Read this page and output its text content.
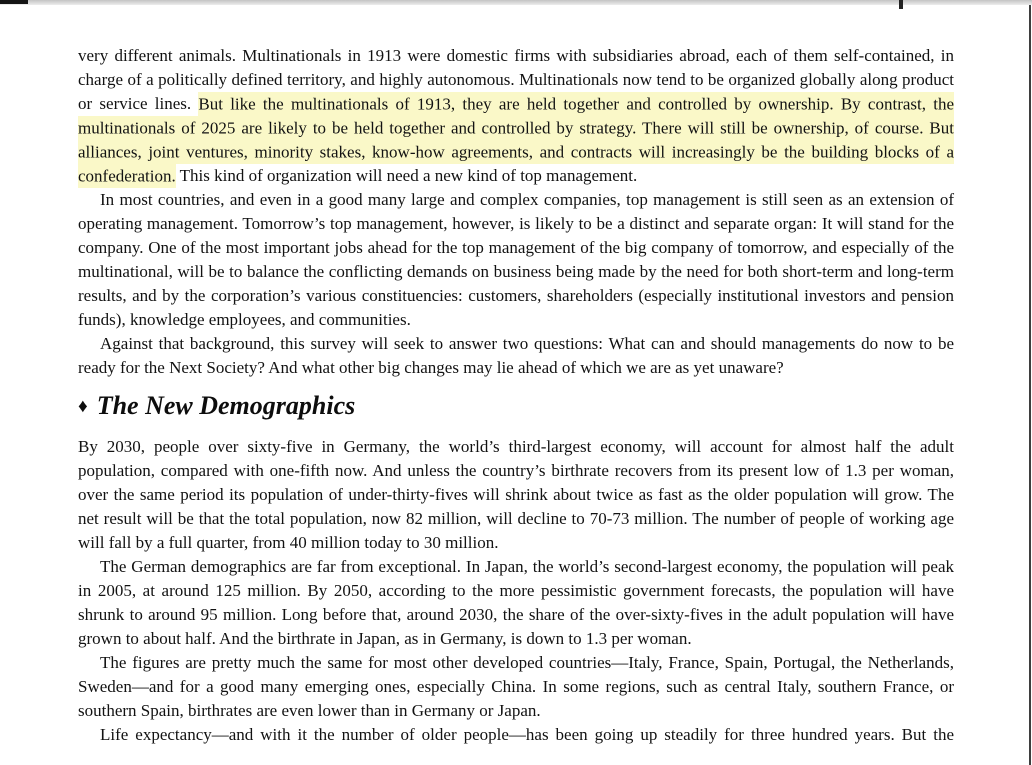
very different animals. Multinationals in 1913 were domestic firms with subsidiaries abroad, each of them self-contained, in charge of a politically defined territory, and highly autonomous. Multinationals now tend to be organized globally along product or service lines. But like the multinationals of 1913, they are held together and controlled by ownership. By contrast, the multinationals of 2025 are likely to be held together and controlled by strategy. There will still be ownership, of course. But alliances, joint ventures, minority stakes, know-how agreements, and contracts will increasingly be the building blocks of a confederation. This kind of organization will need a new kind of top management.

In most countries, and even in a good many large and complex companies, top management is still seen as an extension of operating management. Tomorrow’s top management, however, is likely to be a distinct and separate organ: It will stand for the company. One of the most important jobs ahead for the top management of the big company of tomorrow, and especially of the multinational, will be to balance the conflicting demands on business being made by the need for both short-term and long-term results, and by the corporation’s various constituencies: customers, shareholders (especially institutional investors and pension funds), knowledge employees, and communities.

Against that background, this survey will seek to answer two questions: What can and should managements do now to be ready for the Next Society? And what other big changes may lie ahead of which we are as yet unaware?

♦ The New Demographics

By 2030, people over sixty-five in Germany, the world’s third-largest economy, will account for almost half the adult population, compared with one-fifth now. And unless the country’s birthrate recovers from its present low of 1.3 per woman, over the same period its population of under-thirty-fives will shrink about twice as fast as the older population will grow. The net result will be that the total population, now 82 million, will decline to 70-73 million. The number of people of working age will fall by a full quarter, from 40 million today to 30 million.

The German demographics are far from exceptional. In Japan, the world’s second-largest economy, the population will peak in 2005, at around 125 million. By 2050, according to the more pessimistic government forecasts, the population will have shrunk to around 95 million. Long before that, around 2030, the share of the over-sixty-fives in the adult population will have grown to about half. And the birthrate in Japan, as in Germany, is down to 1.3 per woman.

The figures are pretty much the same for most other developed countries—Italy, France, Spain, Portugal, the Netherlands, Sweden—and for a good many emerging ones, especially China. In some regions, such as central Italy, southern France, or southern Spain, birthrates are even lower than in Germany or Japan.

Life expectancy—and with it the number of older people—has been going up steadily for three hundred years. But the
